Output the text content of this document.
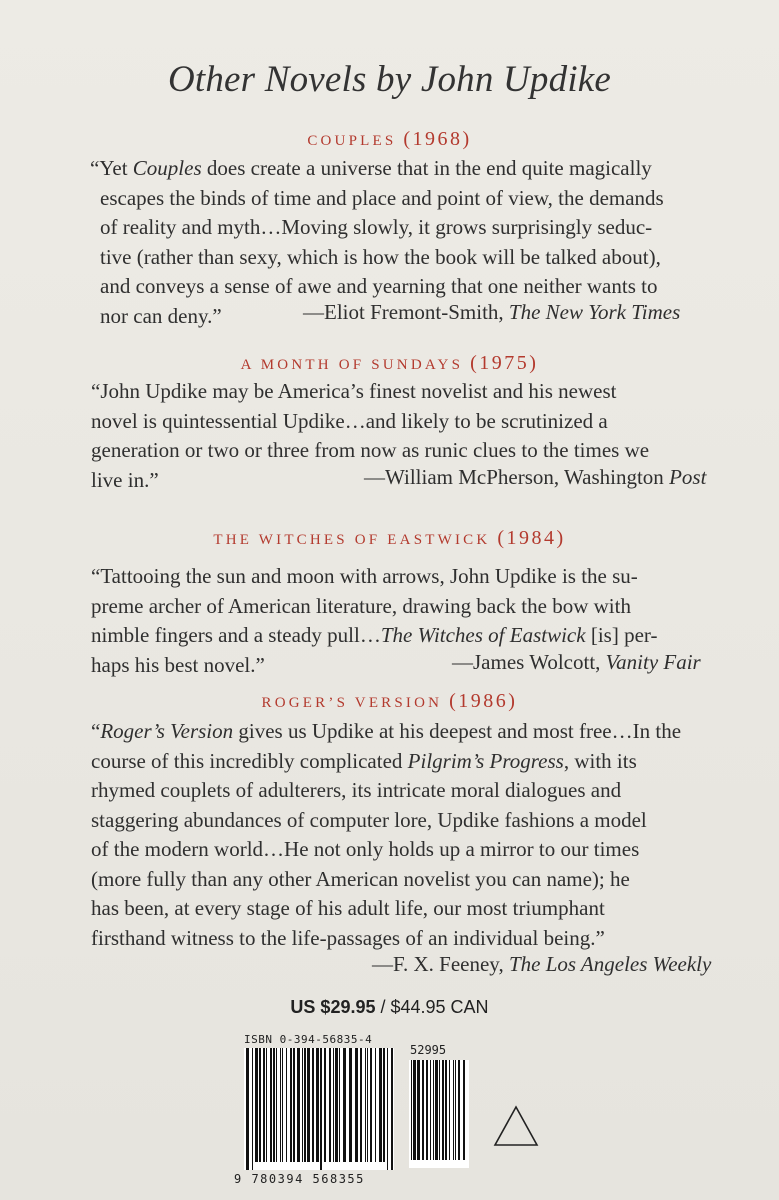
Other Novels by John Updike
COUPLES (1968)
“Yet Couples does create a universe that in the end quite magically
escapes the binds of time and place and point of view, the demands
of reality and myth…Moving slowly, it grows surprisingly seduc-
tive (rather than sexy, which is how the book will be talked about),
and conveys a sense of awe and yearning that one neither wants to
nor can deny.”	—Eliot Fremont-Smith, The New York Times
A MONTH OF SUNDAYS (1975)
“John Updike may be America’s finest novelist and his newest
novel is quintessential Updike…and likely to be scrutinized a
generation or two or three from now as runic clues to the times we
live in.”	—William McPherson, Washington Post
THE WITCHES OF EASTWICK (1984)
“Tattooing the sun and moon with arrows, John Updike is the su-
preme archer of American literature, drawing back the bow with
nimble fingers and a steady pull…The Witches of Eastwick [is] per-
haps his best novel.”	—James Wolcott, Vanity Fair
ROGER’S VERSION (1986)
“Roger’s Version gives us Updike at his deepest and most free…In the
course of this incredibly complicated Pilgrim’s Progress, with its
rhymed couplets of adulterers, its intricate moral dialogues and
staggering abundances of computer lore, Updike fashions a model
of the modern world…He not only holds up a mirror to our times
(more fully than any other American novelist you can name); he
has been, at every stage of his adult life, our most triumphant
firsthand witness to the life-passages of an individual being.”
—F. X. Feeney, The Los Angeles Weekly
US $29.95 / $44.95 CAN
ISBN 0-394-56835-4
52995
9 780394 568355
